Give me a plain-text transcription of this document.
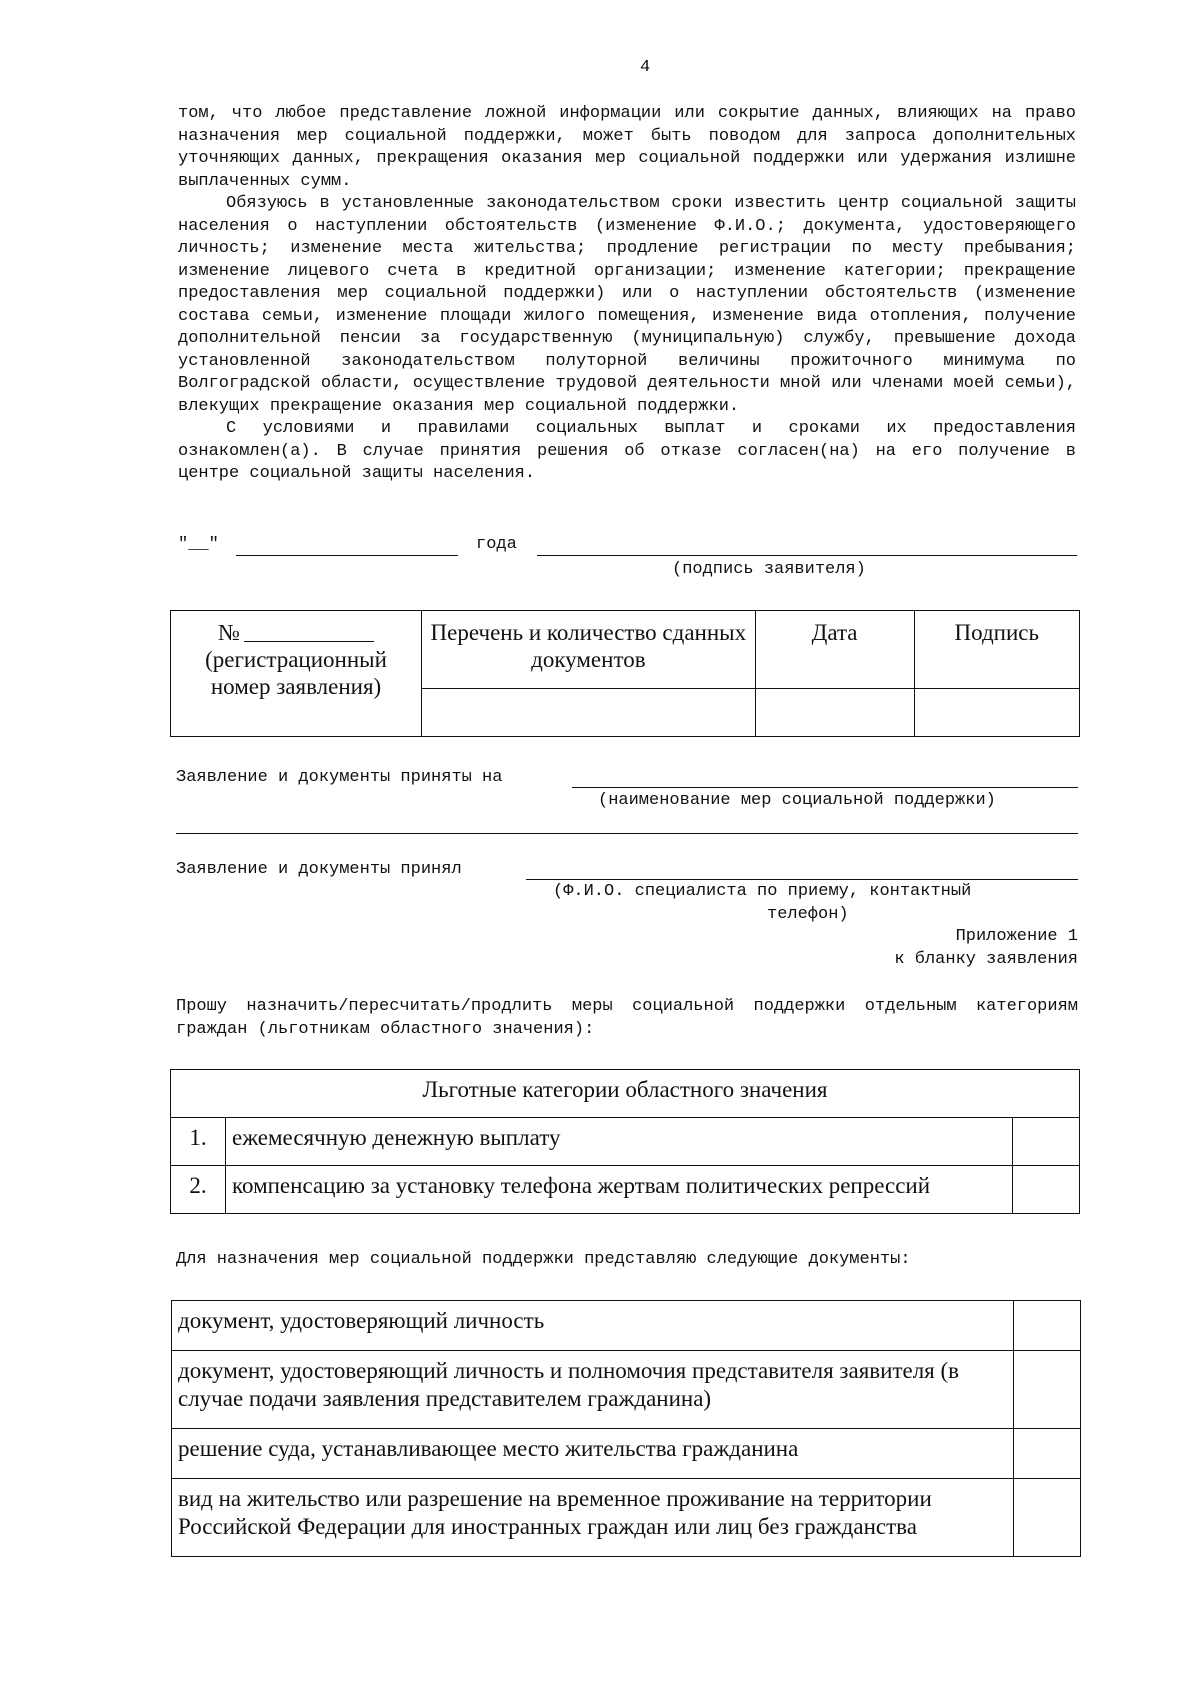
4

том, что любое представление ложной информации или сокрытие данных, влияющих на право назначения мер социальной поддержки, может быть поводом для запроса дополнительных уточняющих данных, прекращения оказания мер социальной поддержки или удержания излишне выплаченных сумм.

Обязуюсь в установленные законодательством сроки известить центр социальной защиты населения о наступлении обстоятельств (изменение Ф.И.О.; документа, удостоверяющего личность; изменение места жительства; продление регистрации по месту пребывания; изменение лицевого счета в кредитной организации; изменение категории; прекращение предоставления мер социальной поддержки) или о наступлении обстоятельств (изменение состава семьи, изменение площади жилого помещения, изменение вида отопления, получение дополнительной пенсии за государственную (муниципальную) службу, превышение дохода установленной законодательством полуторной величины прожиточного минимума по Волгоградской области, осуществление трудовой деятельности мной или членами моей семьи), влекущих прекращение оказания мер социальной поддержки.

С условиями и правилами социальных выплат и сроками их предоставления ознакомлен(а). В случае принятия решения об отказе согласен(на) на его получение в центре социальной защиты населения.

"__"	года
(подпись заявителя)
№
(регистрационный номер заявления)	Перечень и количество сданных документов	Дата	Подпись

Заявление и документы приняты на
(наименование мер социальной поддержки)
Заявление и документы принял
(Ф.И.О. специалиста по приему, контактный
телефон)
Приложение 1
к бланку заявления
Прошу назначить/пересчитать/продлить меры социальной поддержки отдельным категориям граждан (льготникам областного значения):
Льготные категории областного значения		
1.	ежемесячную денежную выплату	
2.	компенсацию за установку телефона жертвам политических репрессий	
Для назначения мер социальной поддержки представляю следующие документы:
документ, удостоверяющий личность	
документ, удостоверяющий личность и полномочия представителя заявителя (в случае подачи заявления представителем гражданина)	
решение суда, устанавливающее место жительства гражданина	
вид на жительство или разрешение на временное проживание на территории Российской Федерации для иностранных граждан или лиц без гражданства	
